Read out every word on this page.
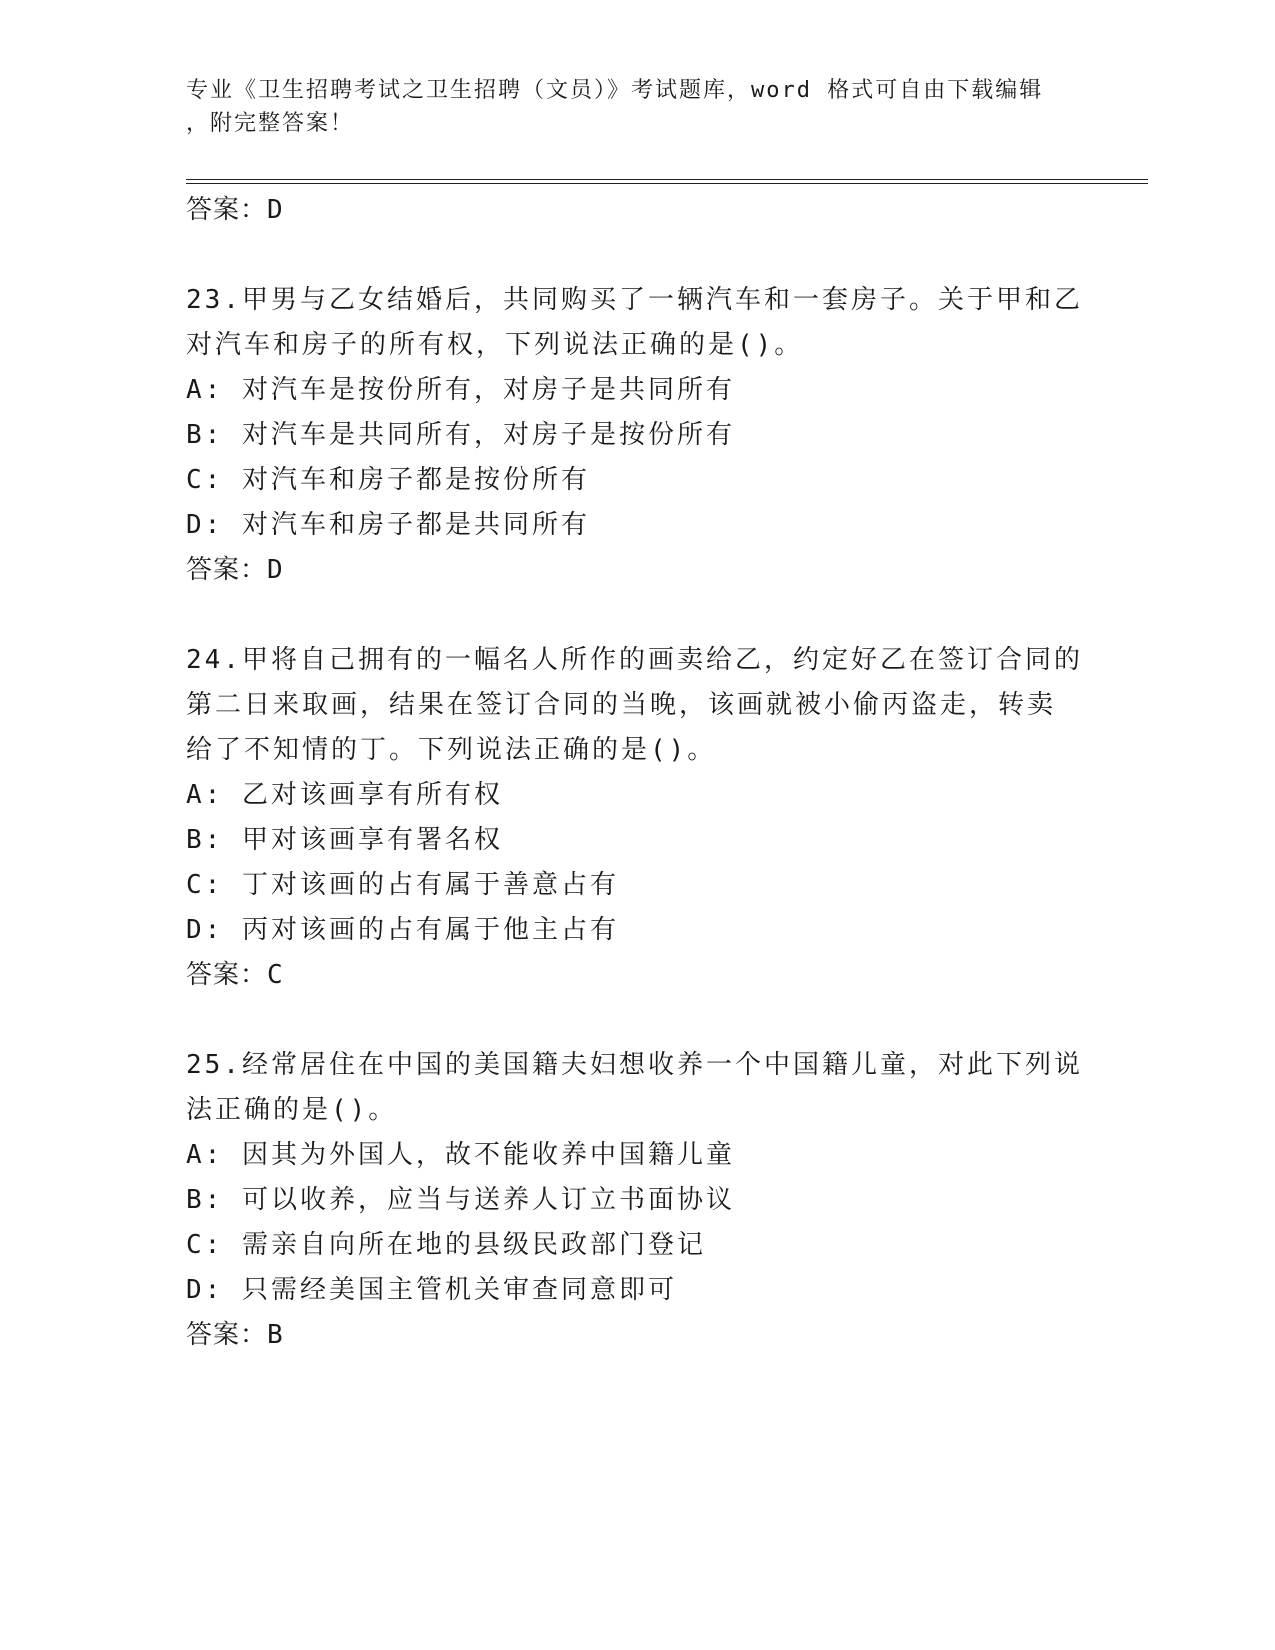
专业《卫生招聘考试之卫生招聘（文员）》考试题库，word 格式可自由下载编辑
，附完整答案！
答案：D
23.甲男与乙女结婚后，共同购买了一辆汽车和一套房子。关于甲和乙
对汽车和房子的所有权，下列说法正确的是()。
A: 对汽车是按份所有，对房子是共同所有
B: 对汽车是共同所有，对房子是按份所有
C: 对汽车和房子都是按份所有
D: 对汽车和房子都是共同所有
答案：D
24.甲将自己拥有的一幅名人所作的画卖给乙，约定好乙在签订合同的
第二日来取画，结果在签订合同的当晚，该画就被小偷丙盗走，转卖
给了不知情的丁。下列说法正确的是()。
A: 乙对该画享有所有权
B: 甲对该画享有署名权
C: 丁对该画的占有属于善意占有
D: 丙对该画的占有属于他主占有
答案：C
25.经常居住在中国的美国籍夫妇想收养一个中国籍儿童，对此下列说
法正确的是()。
A: 因其为外国人，故不能收养中国籍儿童
B: 可以收养，应当与送养人订立书面协议
C: 需亲自向所在地的县级民政部门登记
D: 只需经美国主管机关审查同意即可
答案：B
